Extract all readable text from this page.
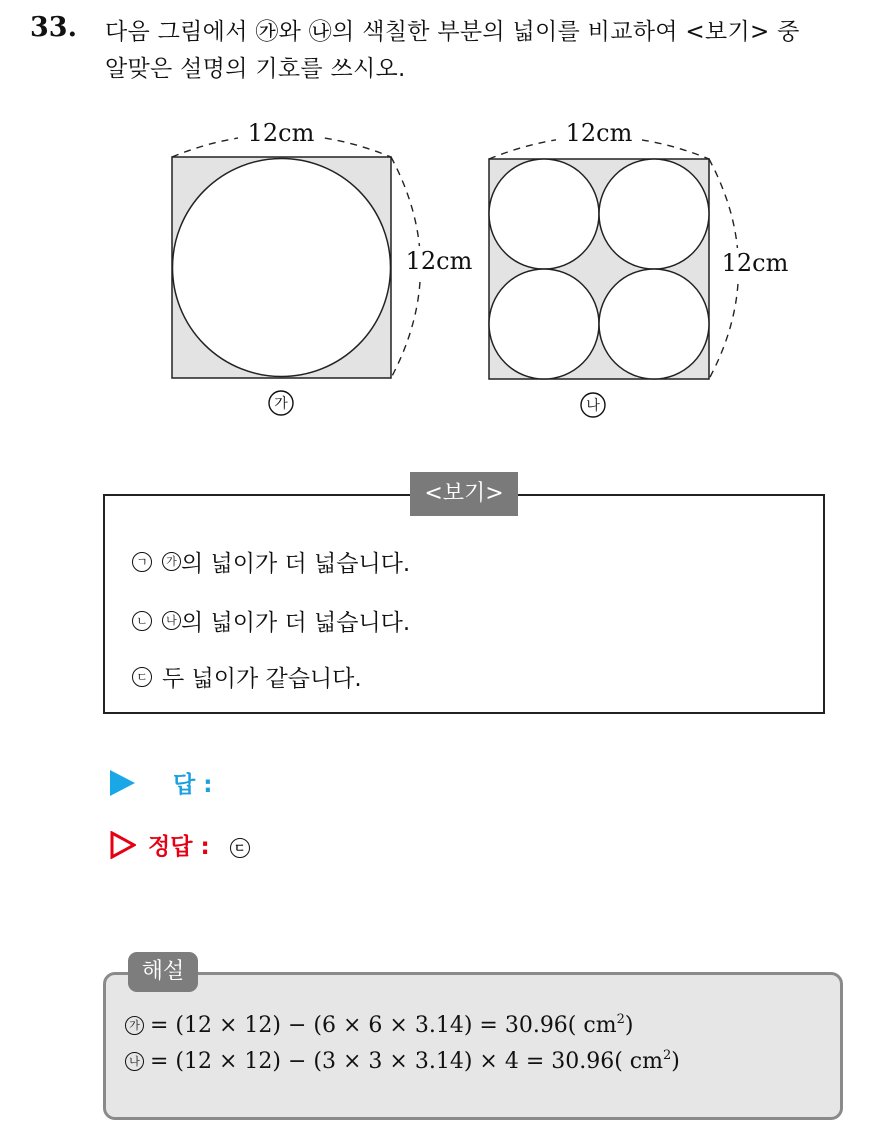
33. 다음 그림에서 ㉮와 ㉯의 색칠한 부분의 넓이를 비교하여 <보기> 중
알맞은 설명의 기호를 쓰시오.
12cm
12cm
가
12cm
12cm
나
<보기>
ㄱ	가 의 넓이가 더 넓습니다.
ㄴ	나 의 넓이가 더 넓습니다.
ㄷ 두 넓이가 같습니다.
답 :
정답 :	ㄷ
해설
가 = (12 × 12) − (6 × 6 × 3.14) = 30.96( $cm^2$ )
나 = (12 × 12) − (3 × 3 × 3.14) × 4 = 30.96( $cm^2$ )
